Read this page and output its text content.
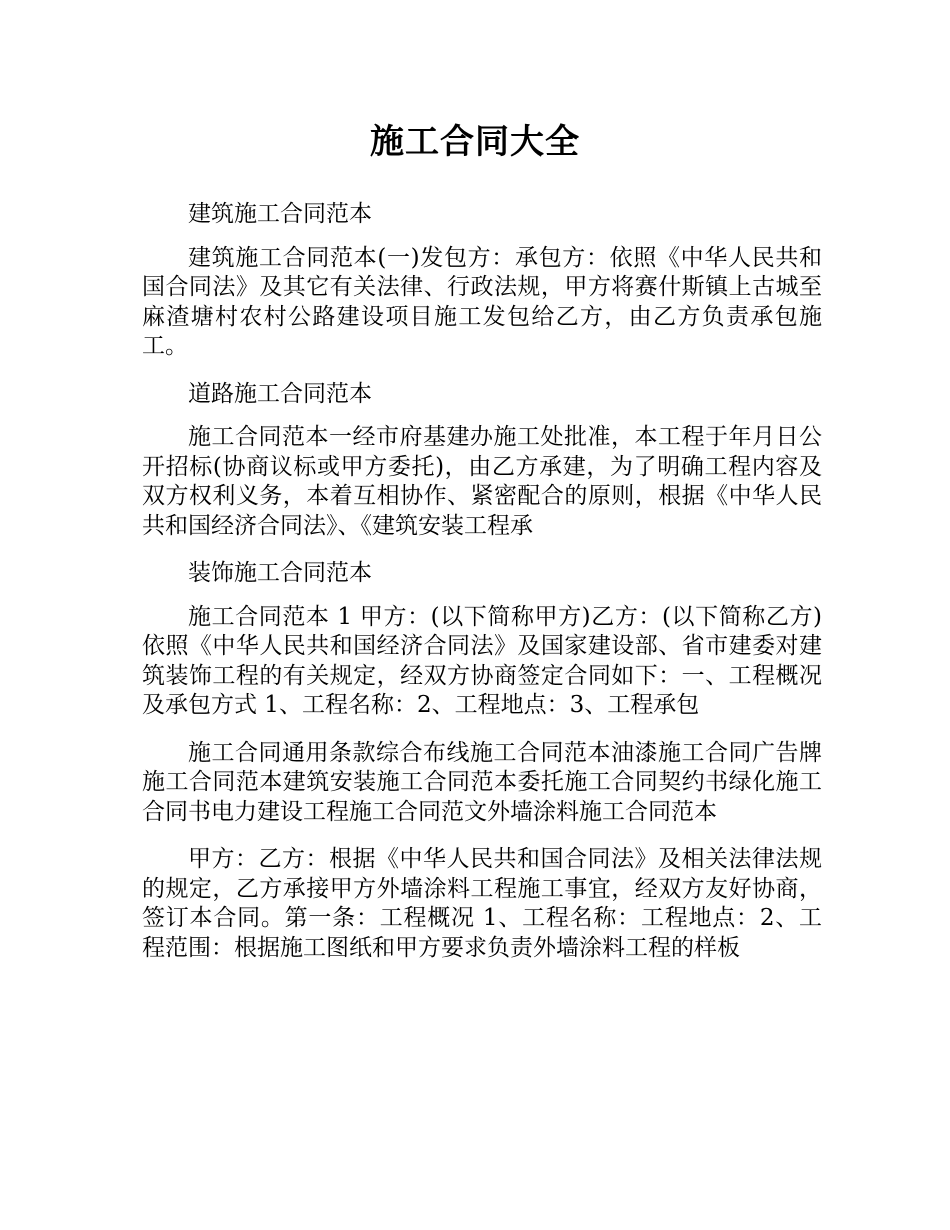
施工合同大全

建筑施工合同范本

建筑施工合同范本(一)发包方：承包方：依照《中华人民共和国合同法》及其它有关法律、行政法规，甲方将赛什斯镇上古城至麻渣塘村农村公路建设项目施工发包给乙方，由乙方负责承包施工。

道路施工合同范本

施工合同范本一经市府基建办施工处批准，本工程于年月日公开招标(协商议标或甲方委托)，由乙方承建，为了明确工程内容及双方权利义务，本着互相协作、紧密配合的原则，根据《中华人民共和国经济合同法》、《建筑安装工程承

装饰施工合同范本

施工合同范本 1 甲方：(以下简称甲方)乙方：(以下简称乙方)依照《中华人民共和国经济合同法》及国家建设部、省市建委对建筑装饰工程的有关规定，经双方协商签定合同如下：一、工程概况及承包方式 1、工程名称：2、工程地点：3、工程承包

施工合同通用条款综合布线施工合同范本油漆施工合同广告牌施工合同范本建筑安装施工合同范本委托施工合同契约书绿化施工合同书电力建设工程施工合同范文外墙涂料施工合同范本

甲方：乙方：根据《中华人民共和国合同法》及相关法律法规的规定，乙方承接甲方外墙涂料工程施工事宜，经双方友好协商，签订本合同。第一条：工程概况 1、工程名称：工程地点：2、工程范围：根据施工图纸和甲方要求负责外墙涂料工程的样板
